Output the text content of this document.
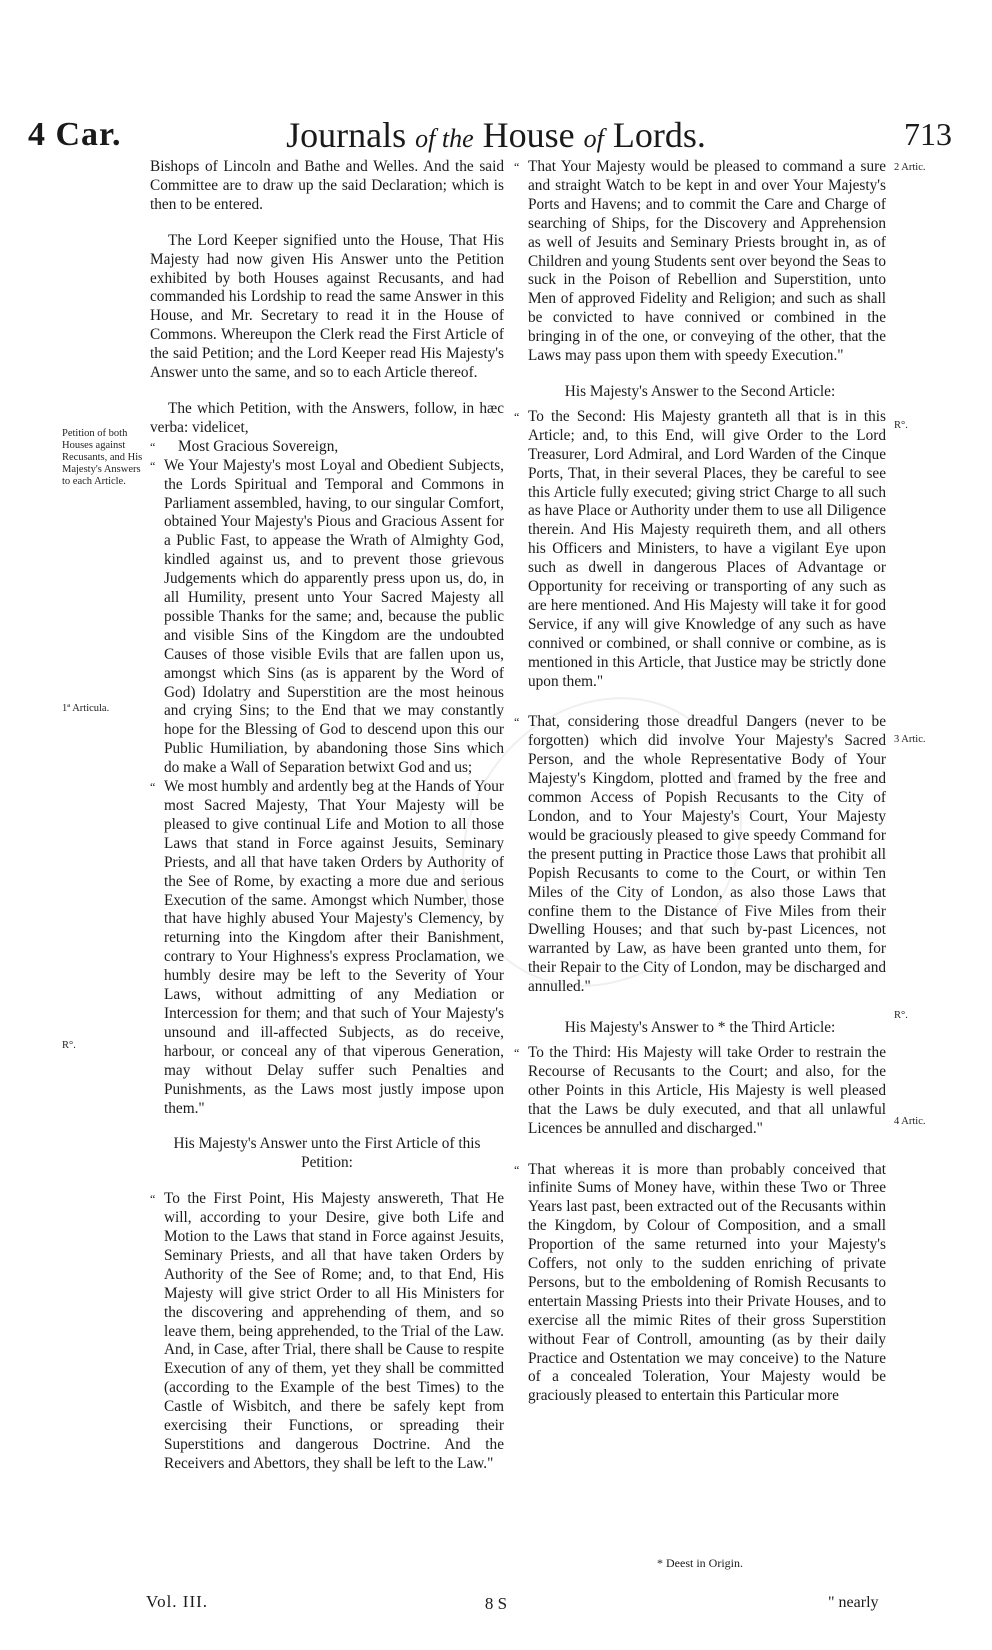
4 Car.	Journals of the House of Lords.	713

Bishops of Lincoln and Bathe and Welles. And the said Committee are to draw up the said Declaration; which is then to be entered.

The Lord Keeper signified unto the House, That His Majesty had now given His Answer unto the Petition exhibited by both Houses against Recusants, and had commanded his Lordship to read the same Answer in this House, and Mr. Secretary to read it in the House of Commons. Whereupon the Clerk read the First Article of the said Petition; and the Lord Keeper read His Majesty's Answer unto the same, and so to each Article thereof.

The which Petition, with the Answers, follow, in hæc verba: videlicet,

“ Most Gracious Sovereign,

“ We Your Majesty's most Loyal and Obedient Subjects, the Lords Spiritual and Temporal and Commons in Parliament assembled, having, to our singular Comfort, obtained Your Majesty's Pious and Gracious Assent for a Public Fast, to appease the Wrath of Almighty God, kindled against us, and to prevent those grievous Judgements which do apparently press upon us, do, in all Humility, present unto Your Sacred Majesty all possible Thanks for the same; and, because the public and visible Sins of the Kingdom are the undoubted Causes of those visible Evils that are fallen upon us, amongst which Sins (as is apparent by the Word of God) Idolatry and Superstition are the most heinous and crying Sins; to the End that we may constantly hope for the Blessing of God to descend upon this our Public Humiliation, by abandoning those Sins which do make a Wall of Separation betwixt God and us;

“ We most humbly and ardently beg at the Hands of Your most Sacred Majesty, That Your Majesty will be pleased to give continual Life and Motion to all those Laws that stand in Force against Jesuits, Seminary Priests, and all that have taken Orders by Authority of the See of Rome, by exacting a more due and serious Execution of the same. Amongst which Number, those that have highly abused Your Majesty's Clemency, by returning into the Kingdom after their Banishment, contrary to Your Highness's express Proclamation, we humbly desire may be left to the Severity of Your Laws, without admitting of any Mediation or Intercession for them; and that such of Your Majesty's unsound and ill-affected Subjects, as do receive, harbour, or conceal any of that viperous Generation, may without Delay suffer such Penalties and Punishments, as the Laws most justly impose upon them."

His Majesty's Answer unto the First Article of this Petition:

“ To the First Point, His Majesty answereth, That He will, according to your Desire, give both Life and Motion to the Laws that stand in Force against Jesuits, Seminary Priests, and all that have taken Orders by Authority of the See of Rome; and, to that End, His Majesty will give strict Order to all His Ministers for the discovering and apprehending of them, and so leave them, being apprehended, to the Trial of the Law. And, in Case, after Trial, there shall be Cause to respite Execution of any of them, yet they shall be committed (according to the Example of the best Times) to the Castle of Wisbitch, and there be safely kept from exercising their Functions, or spreading their Superstitions and dangerous Doctrine. And the Receivers and Abettors, they shall be left to the Law."

“ That Your Majesty would be pleased to command a sure and straight Watch to be kept in and over Your Majesty's Ports and Havens; and to commit the Care and Charge of searching of Ships, for the Discovery and Apprehension as well of Jesuits and Seminary Priests brought in, as of Children and young Students sent over beyond the Seas to suck in the Poison of Rebellion and Superstition, unto Men of approved Fidelity and Religion; and such as shall be convicted to have connived or combined in the bringing in of the one, or conveying of the other, that the Laws may pass upon them with speedy Execution."

His Majesty's Answer to the Second Article:

“ To the Second: His Majesty granteth all that is in this Article; and, to this End, will give Order to the Lord Treasurer, Lord Admiral, and Lord Warden of the Cinque Ports, That, in their several Places, they be careful to see this Article fully executed; giving strict Charge to all such as have Place or Authority under them to use all Diligence therein. And His Majesty requireth them, and all others his Officers and Ministers, to have a vigilant Eye upon such as dwell in dangerous Places of Advantage or Opportunity for receiving or transporting of any such as are here mentioned. And His Majesty will take it for good Service, if any will give Knowledge of any such as have connived or combined, or shall connive or combine, as is mentioned in this Article, that Justice may be strictly done upon them."

“ That, considering those dreadful Dangers (never to be forgotten) which did involve Your Majesty's Sacred Person, and the whole Representative Body of Your Majesty's Kingdom, plotted and framed by the free and common Access of Popish Recusants to the City of London, and to Your Majesty's Court, Your Majesty would be graciously pleased to give speedy Command for the present putting in Practice those Laws that prohibit all Popish Recusants to come to the Court, or within Ten Miles of the City of London, as also those Laws that confine them to the Distance of Five Miles from their Dwelling Houses; and that such by-past Licences, not warranted by Law, as have been granted unto them, for their Repair to the City of London, may be discharged and annulled."

His Majesty's Answer to * the Third Article:

“ To the Third: His Majesty will take Order to restrain the Recourse of Recusants to the Court; and also, for the other Points in this Article, His Majesty is well pleased that the Laws be duly executed, and that all unlawful Licences be annulled and discharged."

“ That whereas it is more than probably conceived that infinite Sums of Money have, within these Two or Three Years last past, been extracted out of the Recusants within the Kingdom, by Colour of Composition, and a small Proportion of the same returned into your Majesty's Coffers, not only to the sudden enriching of private Persons, but to the emboldening of Romish Recusants to entertain Massing Priests into their Private Houses, and to exercise all the mimic Rites of their gross Superstition without Fear of Controll, amounting (as by their daily Practice and Ostentation we may conceive) to the Nature of a concealed Toleration, Your Majesty would be graciously pleased to entertain this Particular more

Petition of both Houses against Recusants, and His Majesty's Answers to each Article.
1ª Articula.
R°.
2 Artic.
R°.
3 Artic.
R°.
4 Artic.
* Deest in Origin.
Vol. III.	8 S	" nearly
